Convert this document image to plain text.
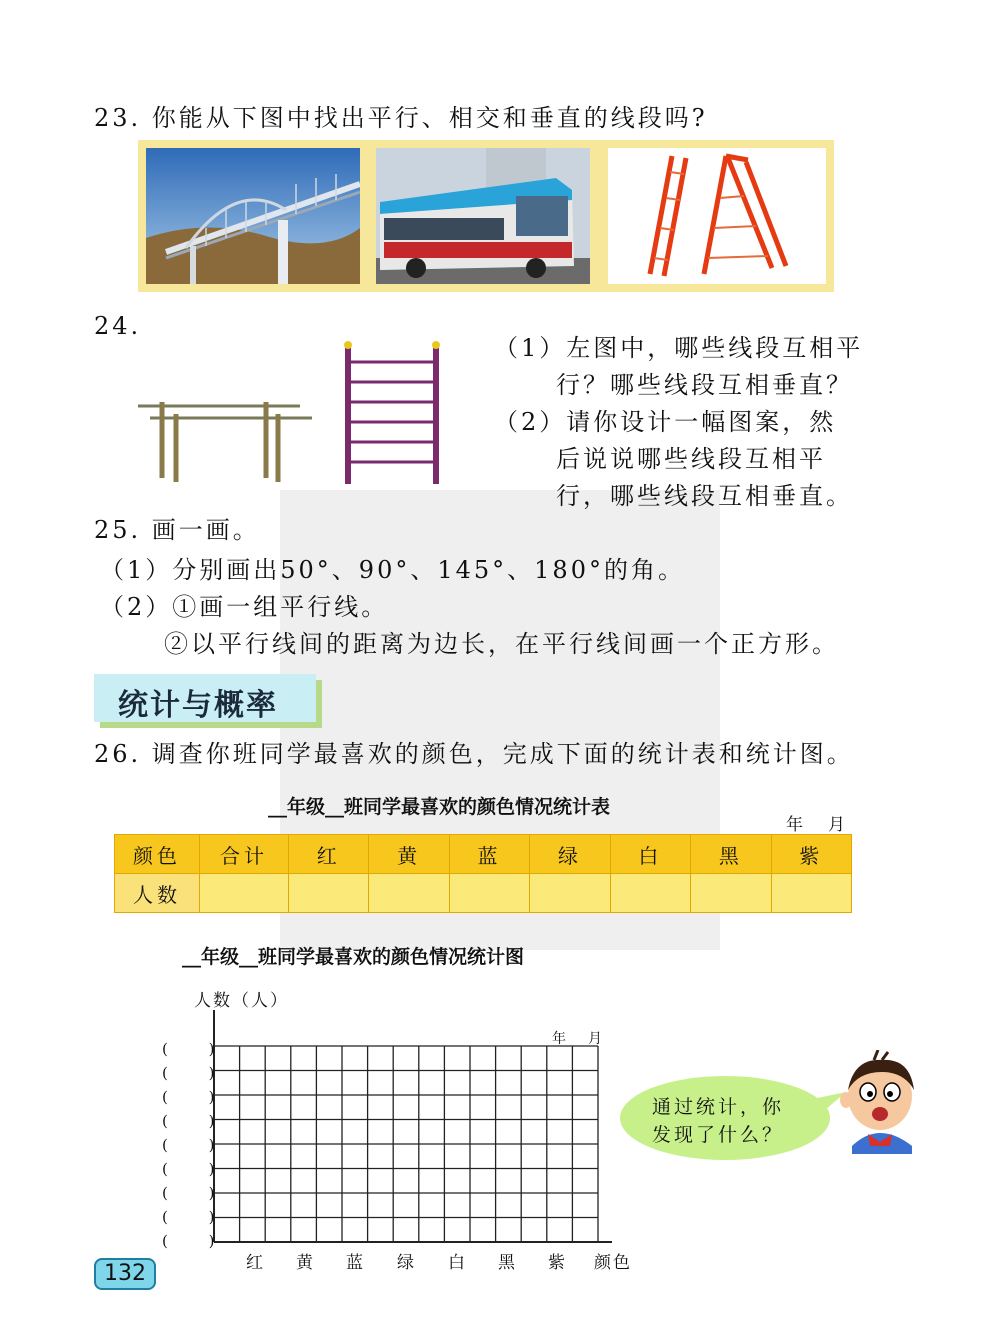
23. 你能从下图中找出平行、相交和垂直的线段吗?
24.
（1）左图中，哪些线段互相平
行？哪些线段互相垂直？
（2）请你设计一幅图案，然
后说说哪些线段互相平
行，哪些线段互相垂直。
25. 画一画。
（1）分别画出50°、90°、145°、180°的角。
（2）①画一组平行线。
②以平行线间的距离为边长，在平行线间画一个正方形。
统计与概率
26. 调查你班同学最喜欢的颜色，完成下面的统计表和统计图。
__年级__班同学最喜欢的颜色情况统计表
年　月
颜色	合计	红	黄	蓝	绿	白	黑	紫
人数								
__年级__班同学最喜欢的颜色情况统计图
人数（人）
年　月
( )
( )
( )
( )
( )
( )
( )
( )
( )
红 黄 蓝 绿 白 黑 紫 颜色
通过统计，你
发现了什么？
132
